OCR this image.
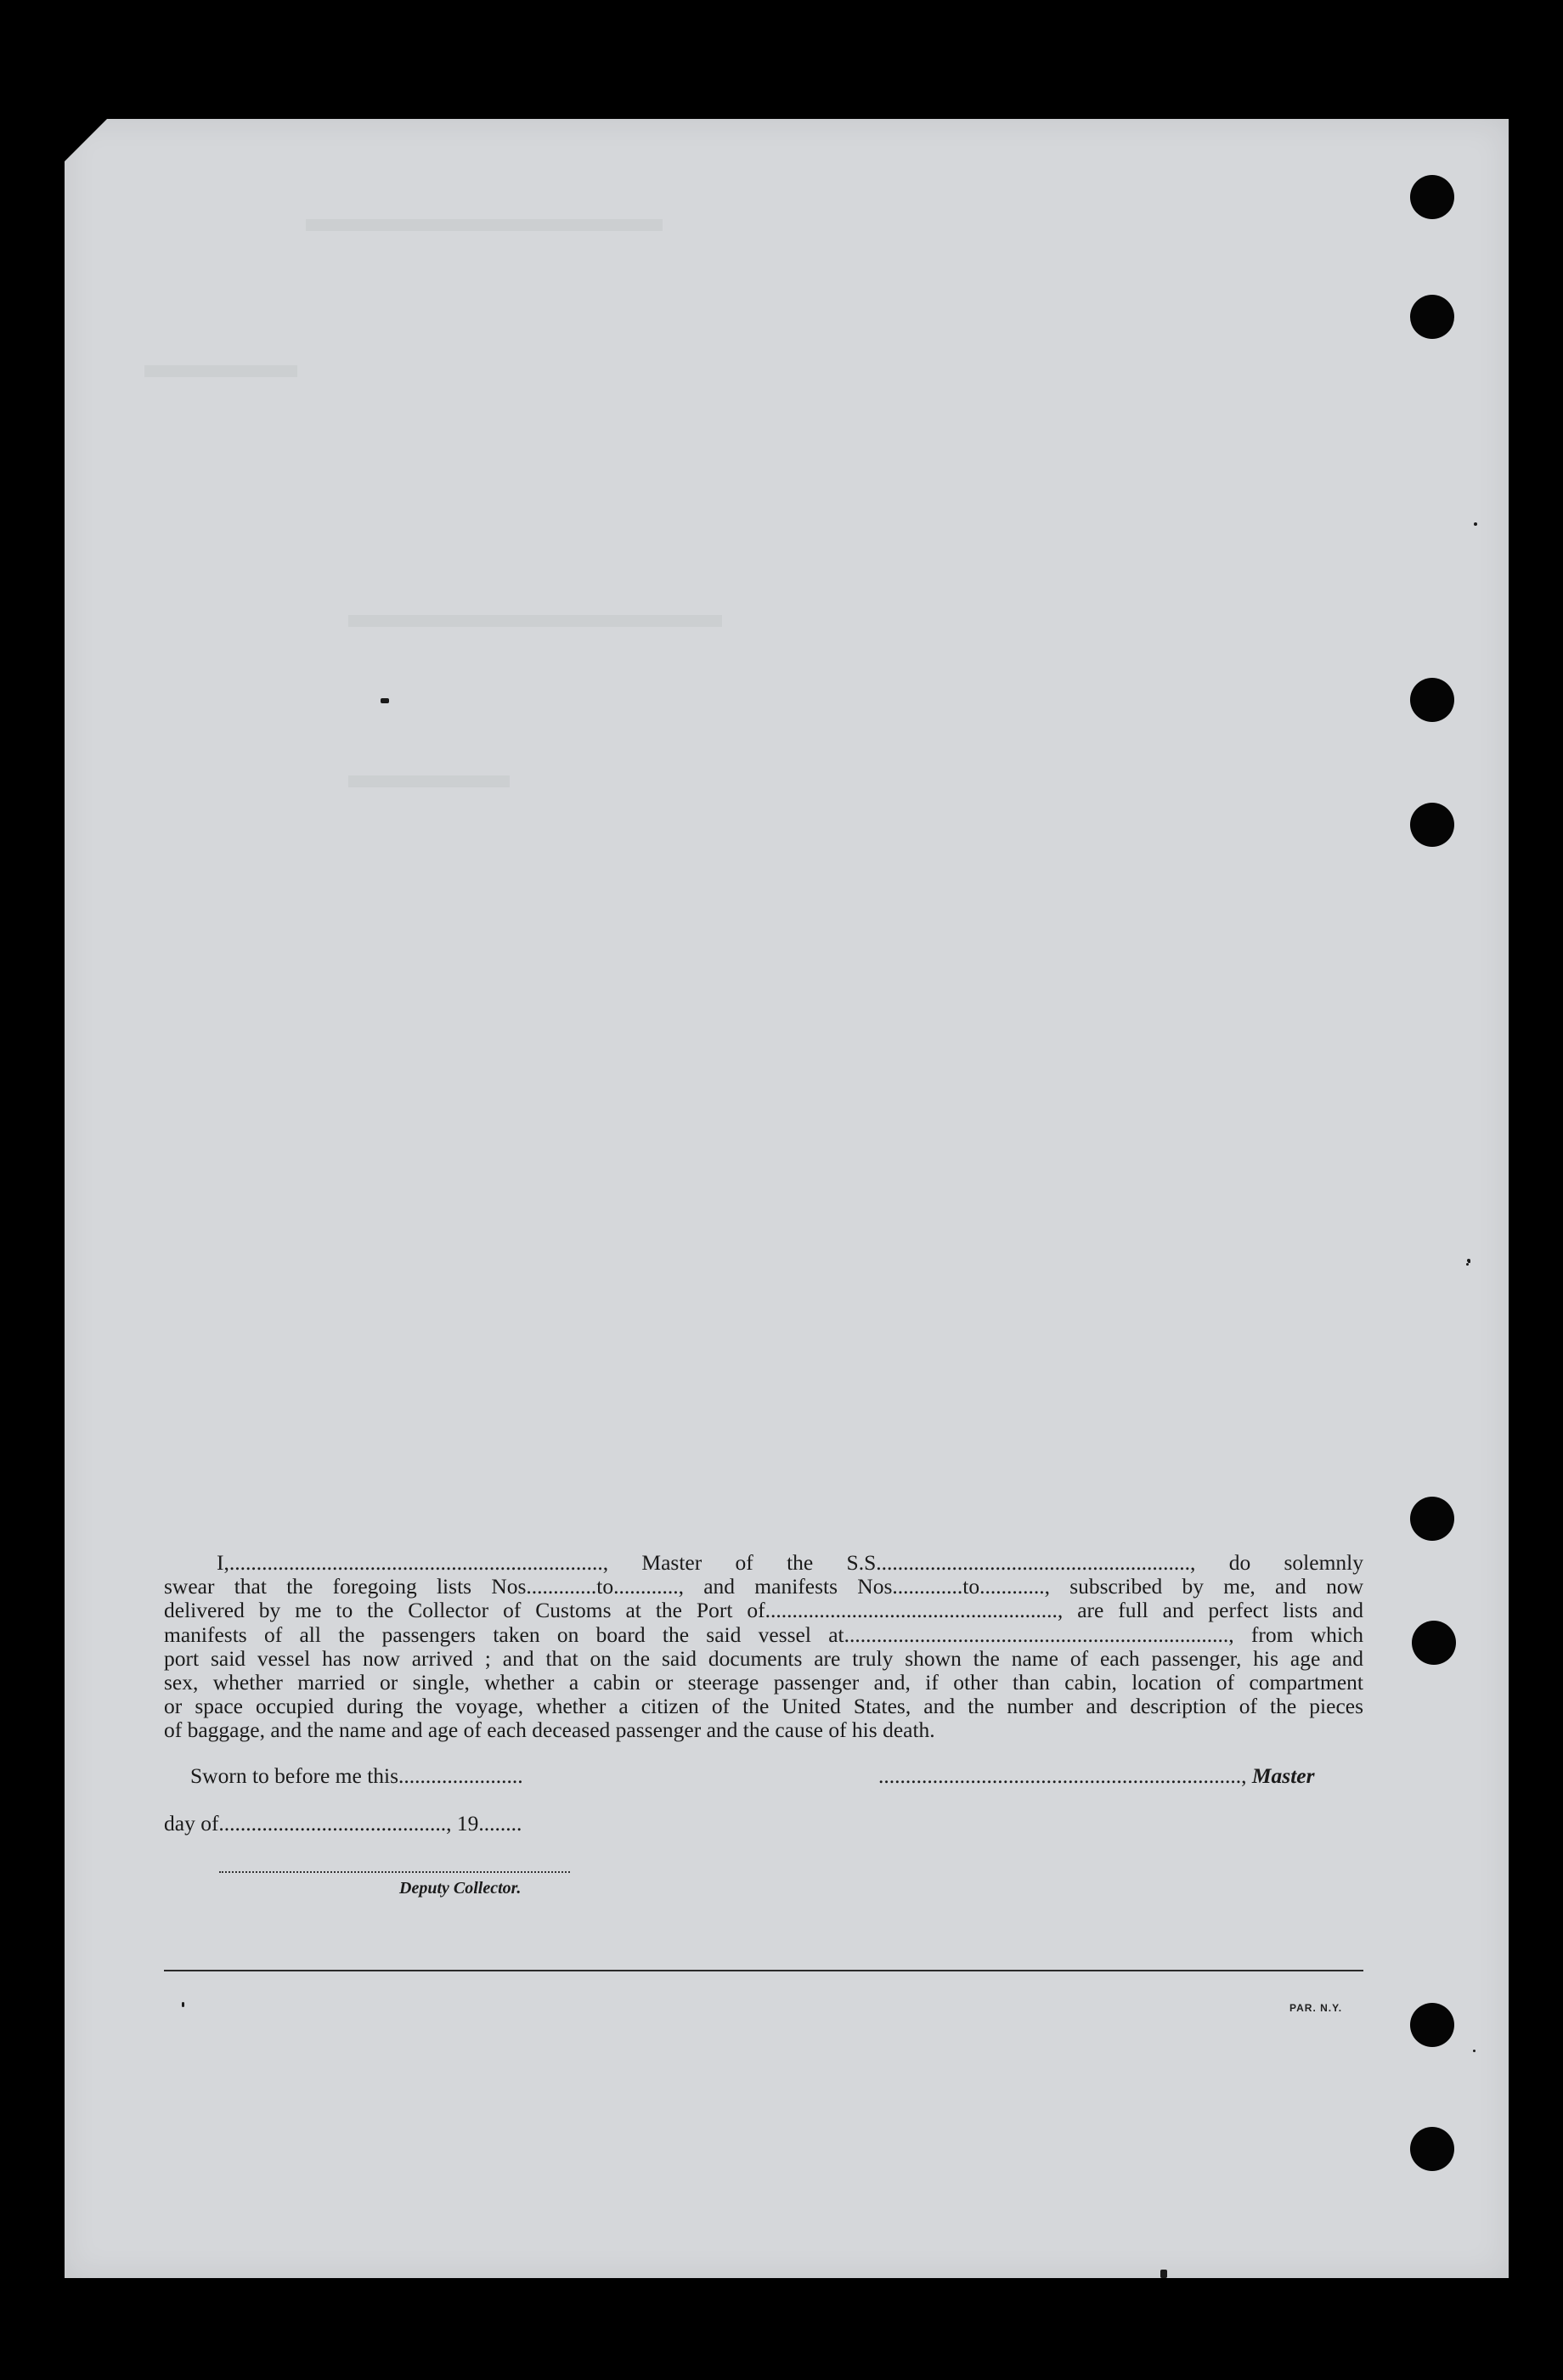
I,....................................................................., Master of the S.S.........................................................., do solemnly
swear that the foregoing lists Nos.............to............, and manifests Nos.............to............, subscribed by me, and now
delivered by me to the Collector of Customs at the Port of......................................................, are full and perfect lists and
manifests of all the passengers taken on board the said vessel at......................................................................., from which
port said vessel has now arrived ; and that on the said documents are truly shown the name of each passenger, his age and
sex, whether married or single, whether a cabin or steerage passenger and, if other than cabin, location of compartment
or space occupied during the voyage, whether a citizen of the United States, and the number and description of the pieces
of baggage, and the name and age of each deceased passenger and the cause of his death.
Sworn to before me this.......................	..................................................................., Master
day of.........................................., 19........
Deputy Collector.
PAR. N.Y.
